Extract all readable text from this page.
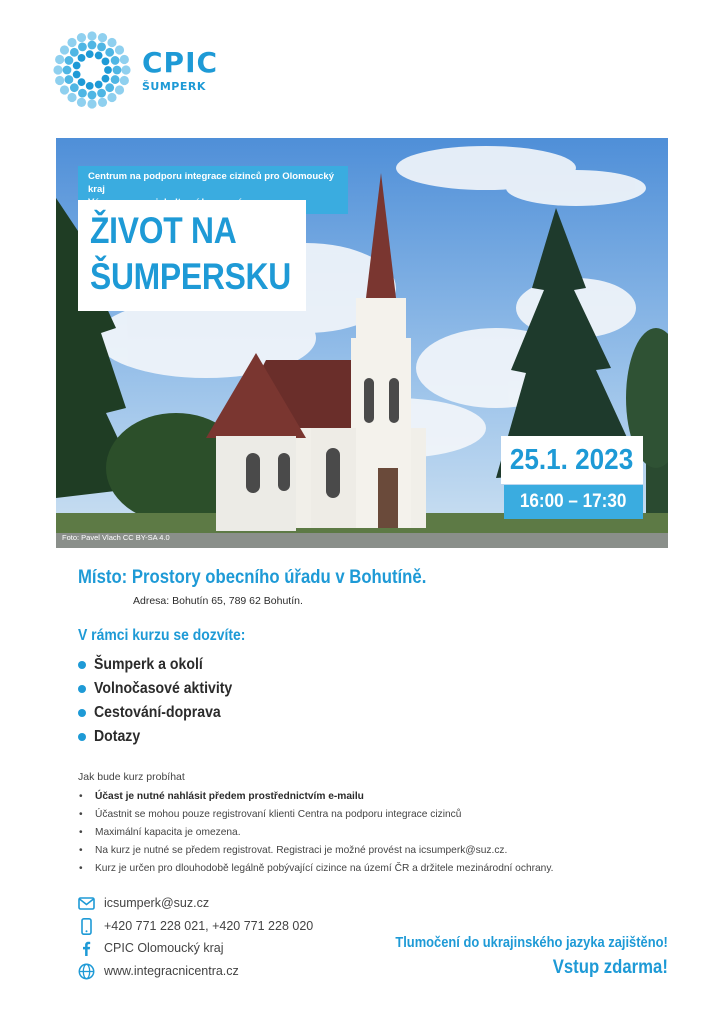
CPIC
ŠUMPERK
Centrum na podporu integrace cizinců pro Olomoucký kraj
ŽIVOT NA
ŠUMPERSKU
25.1. 2023
16:00 – 17:30
Foto: Pavel Vlach CC BY-SA 4.0
Místo: Prostory obecního úřadu v Bohutíně.
Adresa: Bohutín 65, 789 62 Bohutín.
V rámci kurzu se dozvíte:
Šumperk a okolí
Volnočasové aktivity
Cestování-doprava
Dotazy
Jak bude kurz probíhat
• Účast je nutné nahlásit předem prostřednictvím e-mailu
• Účastnit se mohou pouze registrovaní klienti Centra na podporu integrace cizinců
• Maximální kapacita je omezena.
• Na kurz je nutné se předem registrovat. Registraci je možné provést na icsumperk@suz.cz.
• Kurz je určen pro dlouhodobě legálně pobývající cizince na území ČR a držitele mezinárodní ochrany.
icsumperk@suz.cz
+420 771 228 021, +420 771 228 020
CPIC Olomoucký kraj
www.integracnicentra.cz
Tlumočení do ukrajinského jazyka zajištěno!
Vstup zdarma!
